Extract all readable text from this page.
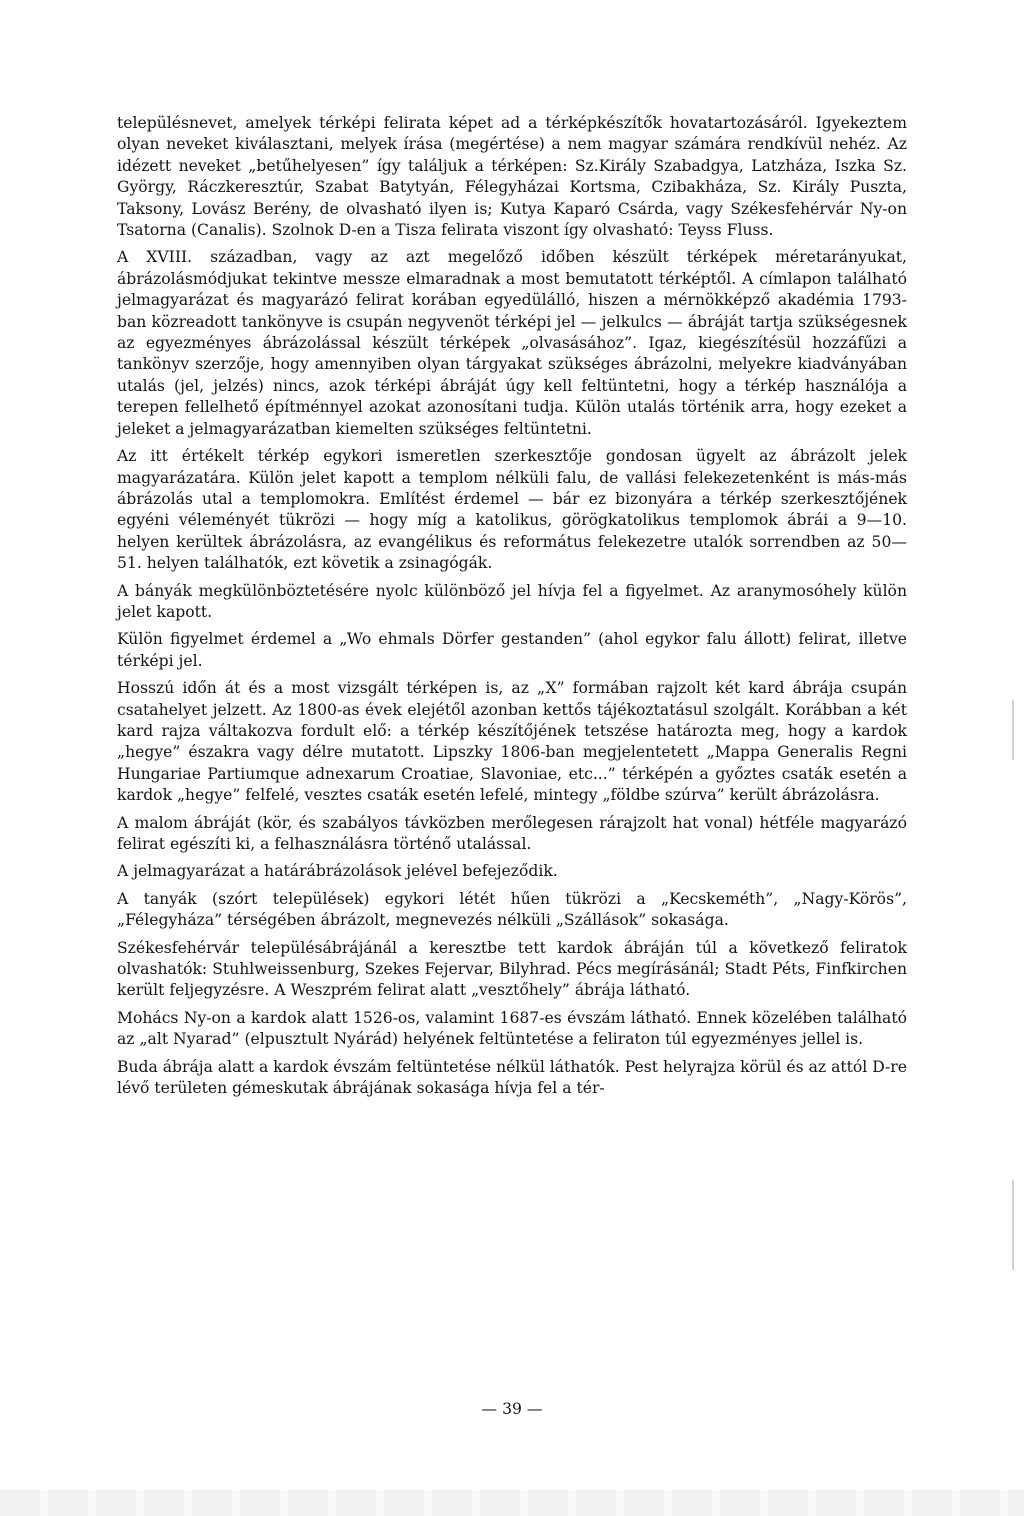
településnevet, amelyek térképi felirata képet ad a térképkészítők hovatartozásáról. Igyekeztem olyan neveket kiválasztani, melyek írása (megértése) a nem magyar számára rendkívül nehéz. Az idézett neveket „betűhelyesen” így találjuk a térképen: Sz.Király Szabadgya, Latzháza, Iszka Sz. György, Ráczkeresztúr, Szabat Batytyán, Félegyházai Kortsma, Czibakháza, Sz. Király Puszta, Taksony, Lovász Berény, de olvasható ilyen is; Kutya Kaparó Csárda, vagy Székesfehérvár Ny-on Tsatorna (Canalis). Szolnok D-en a Tisza felirata viszont így olvasható: Teyss Fluss.

A XVIII. században, vagy az azt megelőző időben készült térképek méretarányukat, ábrázolásmódjukat tekintve messze elmaradnak a most bemutatott térképtől. A címlapon található jelmagyarázat és magyarázó felirat korában egyedülálló, hiszen a mérnökképző akadémia 1793-ban közreadott tankönyve is csupán negyvenöt térképi jel — jelkulcs — ábráját tartja szükségesnek az egyezményes ábrázolással készült térképek „olvasásához”. Igaz, kiegészítésül hozzáfűzi a tankönyv szerzője, hogy amennyiben olyan tárgyakat szükséges ábrázolni, melyekre kiadványában utalás (jel, jelzés) nincs, azok térképi ábráját úgy kell feltüntetni, hogy a térkép használója a terepen fellelhető építménnyel azokat azonosítani tudja. Külön utalás történik arra, hogy ezeket a jeleket a jelmagyarázatban kiemelten szükséges feltüntetni.

Az itt értékelt térkép egykori ismeretlen szerkesztője gondosan ügyelt az ábrázolt jelek magyarázatára. Külön jelet kapott a templom nélküli falu, de vallási felekezetenként is más-más ábrázolás utal a templomokra. Említést érdemel — bár ez bizonyára a térkép szerkesztőjének egyéni véleményét tükrözi — hogy míg a katolikus, görögkatolikus templomok ábrái a 9—10. helyen kerültek ábrázolásra, az evangélikus és református felekezetre utalók sorrendben az 50—51. helyen találhatók, ezt követik a zsinagógák.

A bányák megkülönböztetésére nyolc különböző jel hívja fel a figyelmet. Az aranymosóhely külön jelet kapott.

Külön figyelmet érdemel a „Wo ehmals Dörfer gestanden” (ahol egykor falu állott) felirat, illetve térképi jel.

Hosszú időn át és a most vizsgált térképen is, az „X” formában rajzolt két kard ábrája csupán csatahelyet jelzett. Az 1800-as évek elejétől azonban kettős tájékoztatásul szolgált. Korábban a két kard rajza váltakozva fordult elő: a térkép készítőjének tetszése határozta meg, hogy a kardok „hegye” északra vagy délre mutatott. Lipszky 1806-ban megjelentetett „Mappa Generalis Regni Hungariae Partiumque adnexarum Croatiae, Slavoniae, etc...” térképén a győztes csaták esetén a kardok „hegye” felfelé, vesztes csaták esetén lefelé, mintegy „földbe szúrva” került ábrázolásra.

A malom ábráját (kör, és szabályos távközben merőlegesen rárajzolt hat vonal) hétféle magyarázó felirat egészíti ki, a felhasználásra történő utalással.

A jelmagyarázat a határábrázolások jelével befejeződik.

A tanyák (szórt települések) egykori létét hűen tükrözi a „Kecskeméth”, „Nagy-Körös”, „Félegyháza” térségében ábrázolt, megnevezés nélküli „Szállások” sokasága.

Székesfehérvár településábrájánál a keresztbe tett kardok ábráján túl a következő feliratok olvashatók: Stuhlweissenburg, Szekes Fejervar, Bilyhrad. Pécs megírásánál; Stadt Péts, Finfkirchen került feljegyzésre. A Weszprém felirat alatt „vesztőhely” ábrája látható.

Mohács Ny-on a kardok alatt 1526-os, valamint 1687-es évszám látható. Ennek közelében található az „alt Nyarad” (elpusztult Nyárád) helyének feltüntetése a feliraton túl egyezményes jellel is.

Buda ábrája alatt a kardok évszám feltüntetése nélkül láthatók. Pest helyrajza körül és az attól D-re lévő területen gémeskutak ábrájának sokasága hívja fel a tér-

— 39 —
